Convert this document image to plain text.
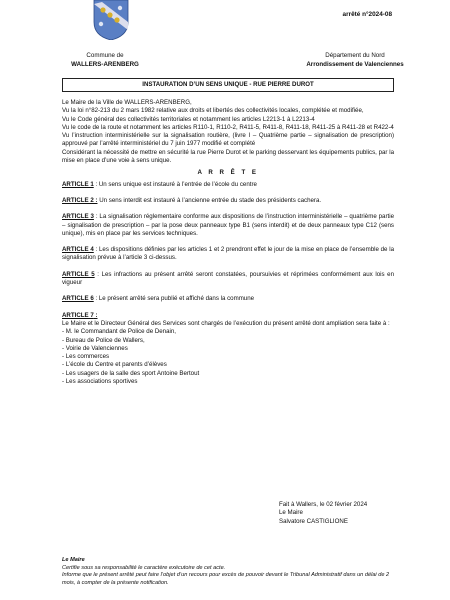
arrêté n°2024-08
Commune de
WALLERS-ARENBERG
Département du Nord
Arrondissement de Valenciennes
INSTAURATION D’UN SENS UNIQUE - RUE PIERRE DUROT

Le Maire de la Ville de WALLERS-ARENBERG,

Vu la loi n°82-213 du 2 mars 1982 relative aux droits et libertés des collectivités locales, complétée et modifiée,

Vu le Code général des collectivités territoriales et notamment les articles L2213-1 à L2213-4

Vu le code de la route et notamment les articles R110-1, R110-2, R411-5, R411-8, R411-18, R411-25 à R411-28 et R422-4

Vu l’instruction interministérielle sur la signalisation routière, (livre I – Quatrième partie – signalisation de prescription) approuvé par l’arrêté interministériel du 7 juin 1977 modifié et complété

Considérant la nécessité de mettre en sécurité la rue Pierre Durot et le parking desservant les équipements publics, par la mise en place d’une voie à sens unique.

A R R Ê T E

ARTICLE 1 : Un sens unique est instauré à l’entrée de l’école du centre

ARTICLE 2 : Un sens interdit est instauré à l’ancienne entrée du stade des présidents cachera.

ARTICLE 3 : La signalisation réglementaire conforme aux dispositions de l’instruction interministérielle – quatrième partie – signalisation de prescription – par la pose deux panneaux type B1 (sens interdit) et de deux panneaux type C12 (sens unique), mis en place par les services techniques.

ARTICLE 4 : Les dispositions définies par les articles 1 et 2 prendront effet le jour de la mise en place de l’ensemble de la signalisation prévue à l’article 3 ci-dessus.

ARTICLE 5 : Les infractions au présent arrêté seront constatées, poursuivies et réprimées conformément aux lois en vigueur

ARTICLE 6 : Le présent arrêté sera publié et affiché dans la commune

ARTICLE 7 :

Le Maire et le Directeur Général des Services sont chargés de l’exécution du présent arrêté dont ampliation sera faite à :

- M. le Commandant de Police de Denain,
- Bureau de Police de Wallers,
- Voirie de Valenciennes
- Les commerces
- L’école du Centre et parents d’élèves
- Les usagers de la salle des sport Antoine Bertout
- Les associations sportives
Fait à Wallers, le 02 février 2024
Le Maire
Salvatore CASTIGLIONE
Le Maire
Certifie sous sa responsabilité le caractère exécutoire de cet acte.
Informe que le présent arrêté peut faire l’objet d’un recours pour excès de pouvoir devant le Tribunal Administratif dans un délai de 2 mois, à compter de la présente notification.
